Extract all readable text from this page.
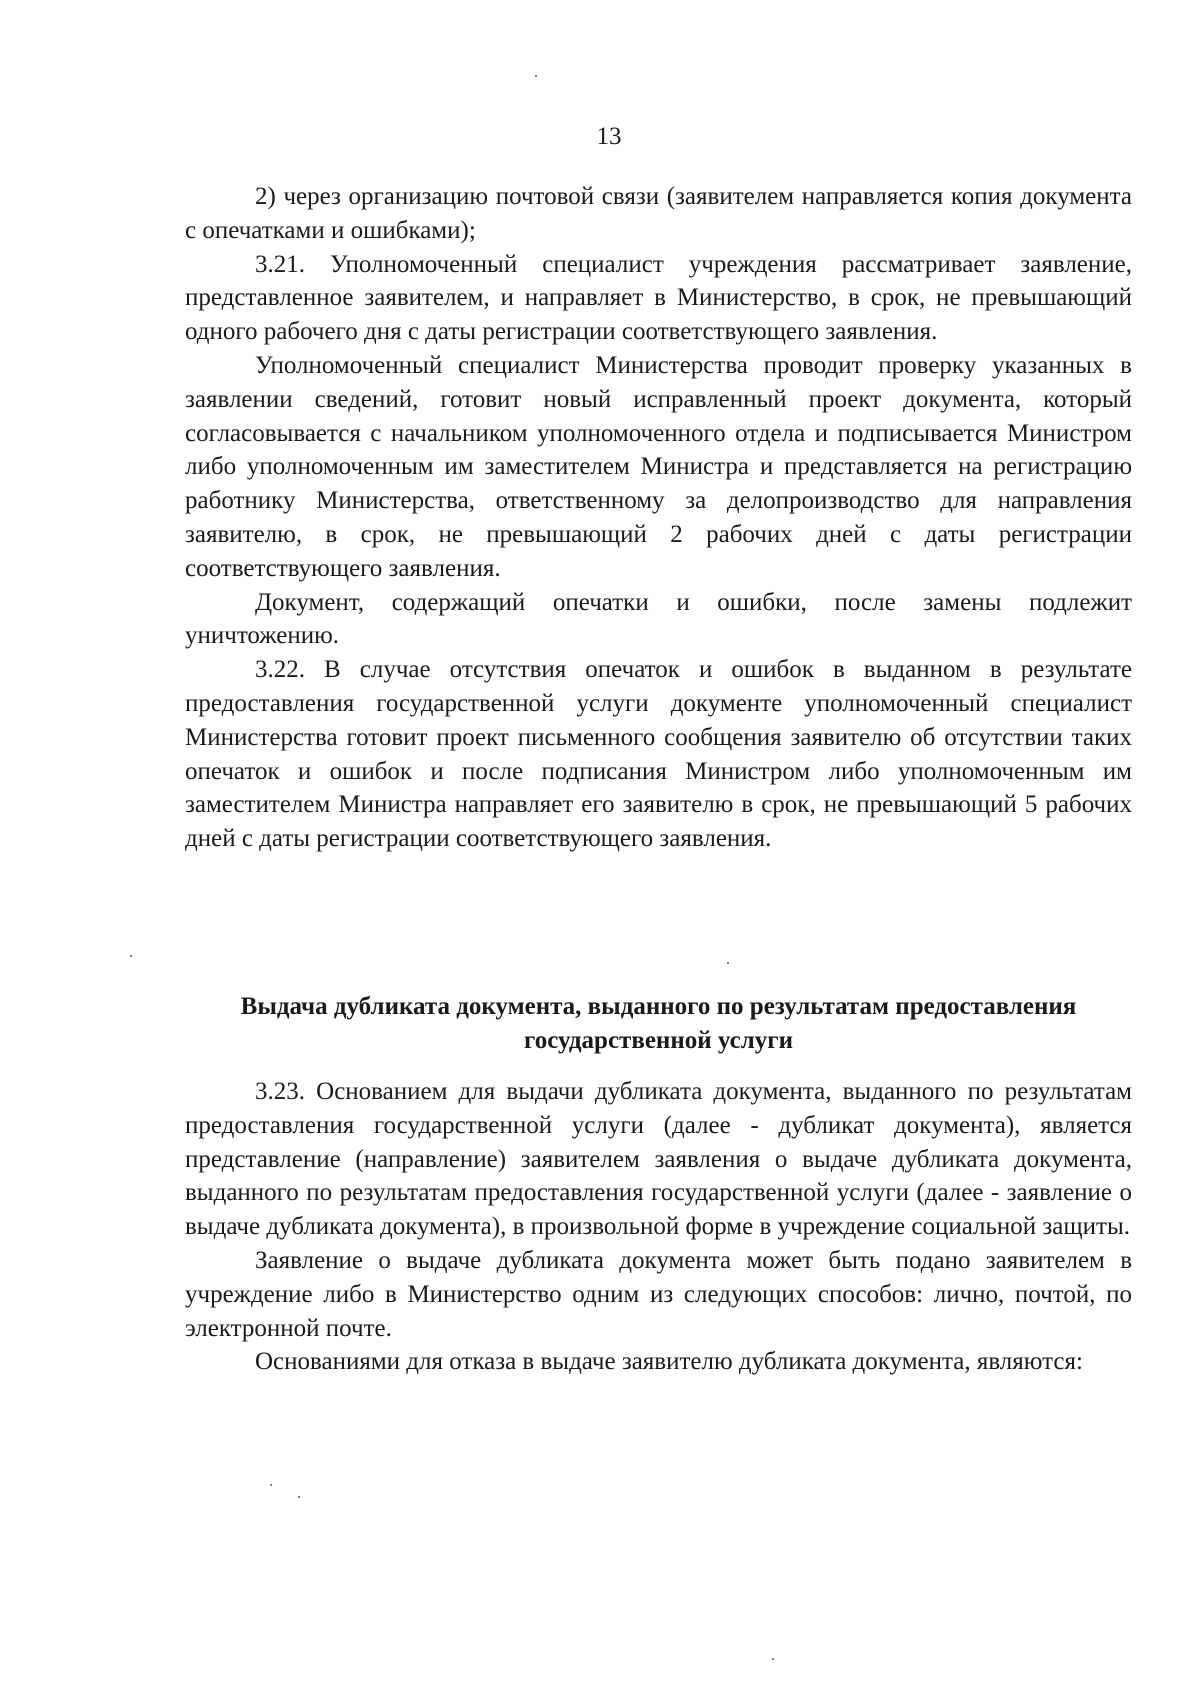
13

2) через организацию почтовой связи (заявителем направляется копия документа с опечатками и ошибками);

3.21. Уполномоченный специалист учреждения рассматривает заявление, представленное заявителем, и направляет в Министерство, в срок, не превышающий одного рабочего дня с даты регистрации соответствующего заявления.

Уполномоченный специалист Министерства проводит проверку указанных в заявлении сведений, готовит новый исправленный проект документа, который согласовывается с начальником уполномоченного отдела и подписывается Министром либо уполномоченным им заместителем Министра и представляется на регистрацию работнику Министерства, ответственному за делопроизводство для направления заявителю, в срок, не превышающий 2 рабочих дней с даты регистрации соответствующего заявления.

Документ, содержащий опечатки и ошибки, после замены подлежит уничтожению.

3.22. В случае отсутствия опечаток и ошибок в выданном в результате предоставления государственной услуги документе уполномоченный специалист Министерства готовит проект письменного сообщения заявителю об отсутствии таких опечаток и ошибок и после подписания Министром либо уполномоченным им заместителем Министра направляет его заявителю в срок, не превышающий 5 рабочих дней с даты регистрации соответствующего заявления.

Выдача дубликата документа, выданного по результатам предоставления
государственной услуги

3.23. Основанием для выдачи дубликата документа, выданного по результатам предоставления государственной услуги (далее - дубликат документа), является представление (направление) заявителем заявления о выдаче дубликата документа, выданного по результатам предоставления государственной услуги (далее - заявление о выдаче дубликата документа), в произвольной форме в учреждение социальной защиты.

Заявление о выдаче дубликата документа может быть подано заявителем в учреждение либо в Министерство одним из следующих способов: лично, почтой, по электронной почте.

Основаниями для отказа в выдаче заявителю дубликата документа, являются:
